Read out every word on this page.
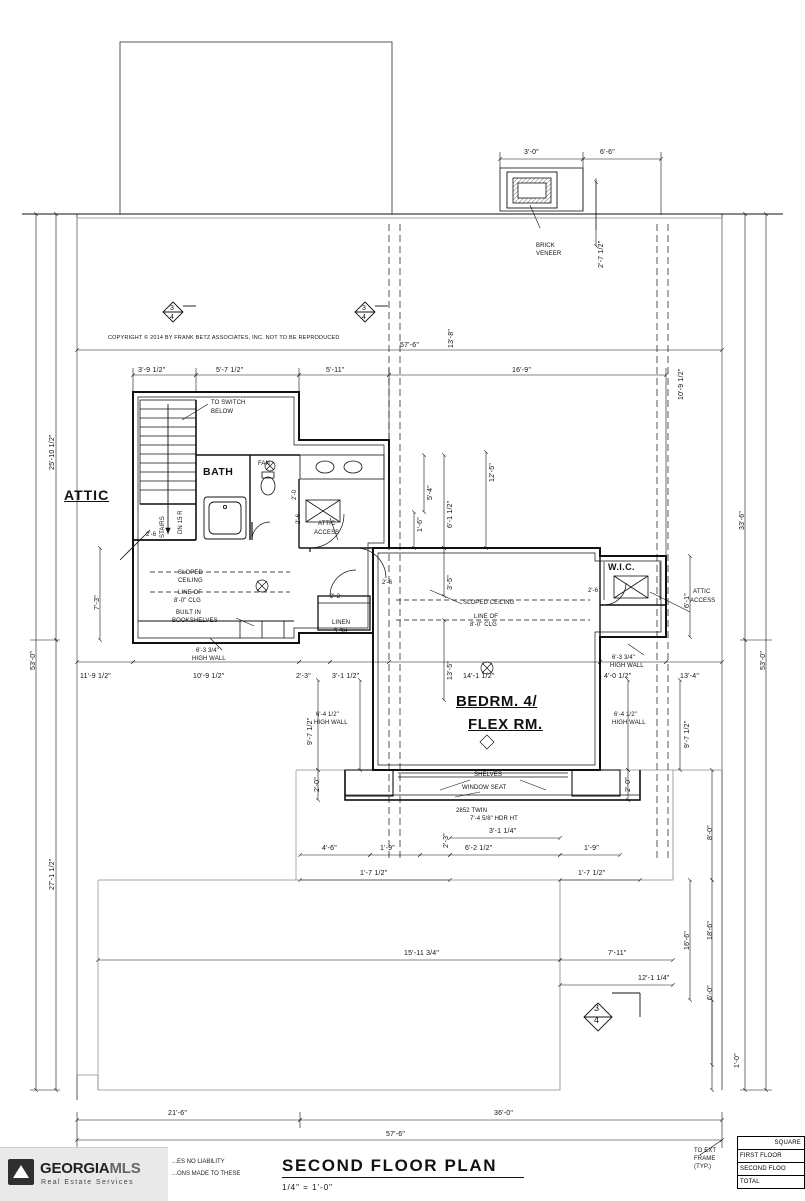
COPYRIGHT © 2014 BY FRANK BETZ ASSOCIATES, INC. NOT TO BE REPRODUCED
3'-0"	6'-6"
2'-7 1/2"
BRICK
VENEER
3
4
3
4
3
4
57'-6"
3'-9 1/2"	5'-7 1/2"	5'-11"	16'-9"
13'-8"
10'-9 1/2"
25'-10 1/2"
53'-0"
27'-1 1/2"
7'-3"
33'-6"
53'-0"
6'-1"
8'-0"
16'-6"
18'-6"
6'-0"
1'-0"
5'-4"
6'-1 1/2"
1'-6"
12'-5"
3'-5"
13'-5"
9'-7 1/2"	9'-7 1/2"
2'-0"	2'-0"
11'-9 1/2"	10'-9 1/2"	2'-3"	3'-1 1/2"	14'-1 1/2"	4'-0 1/2"	13'-4"
4'-6"	1'-9"
2'-3"
6'-2 1/2"
3'-1 1/4"
1'-9"
1'-7 1/2"	1'-7 1/2"
15'-11 3/4"	7'-11"
12'-1 1/4"
21'-6"	36'-0"
57'-6"
ATTIC
BATH
W.I.C.
BEDRM. 4/
FLEX RM.
TO SWITCH
BELOW
FAN
STAIRS DN 15 R	ATTIC
ACCESS
ATTIC
ACCESS
SLOPED
CEILING
LINE OF
8'-0" CLG
BUILT IN
BOOKSHELVES
6'-3 3/4"
HIGH WALL
LINEN
5 SH
SLOPED CEILING
LINE OF
8'-0" CLG
6'-3 3/4"
HIGH WALL
6'-4 1/2"
HIGH WALL
6'-4 1/2"
HIGH WALL
SHELVES
WINDOW SEAT
2852 TWIN
7'-4 5/8" HDR HT
TO EXT
FRAME
(TYP.)
2'-6
2'-6
2'-6
2'-6
2'-2
2'-0
SECOND FLOOR PLAN
1/4" = 1'-0"
...ES NO LIABILITY
...ONS MADE TO THESE
SQUARE
FIRST FLOOR
SECOND FLOO
TOTAL
GEORGIAMLS
Real Estate Services
